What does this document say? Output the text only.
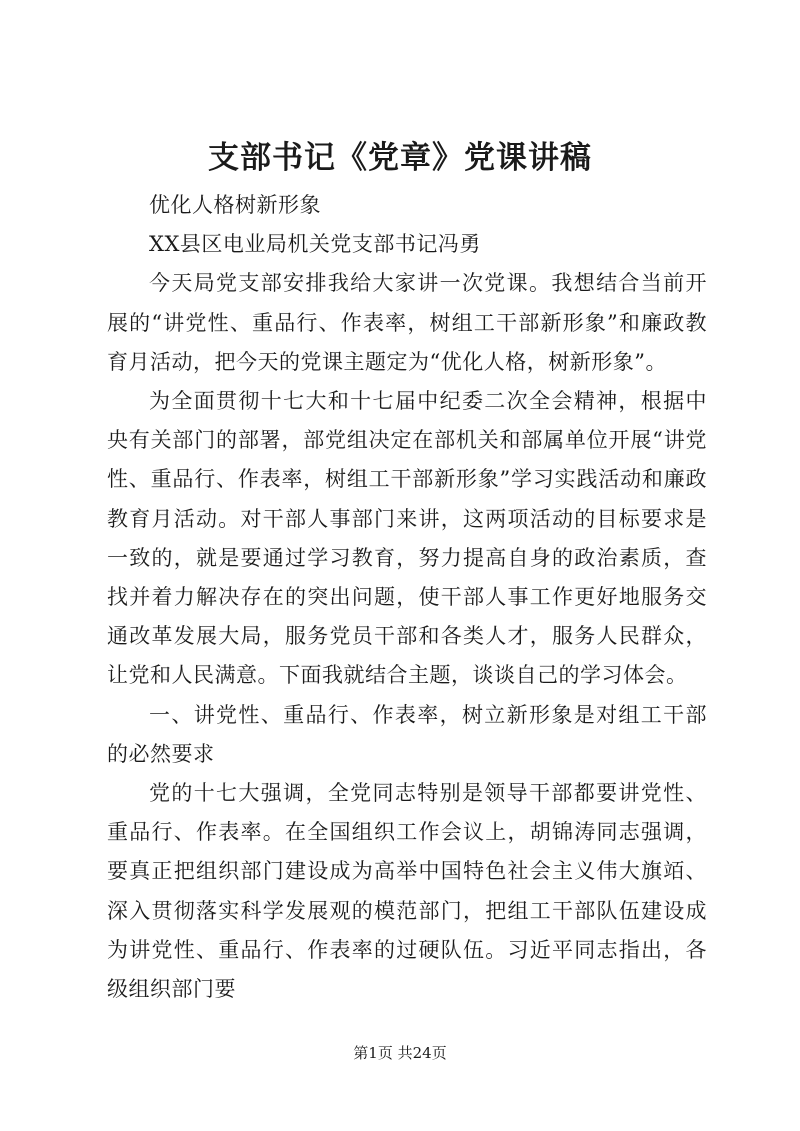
支部书记《党章》党课讲稿

优化人格树新形象

XX县区电业局机关党支部书记冯勇

今天局党支部安排我给大家讲一次党课。我想结合当前开展的“讲党性、重品行、作表率，树组工干部新形象”和廉政教育月活动，把今天的党课主题定为“优化人格，树新形象”。

为全面贯彻十七大和十七届中纪委二次全会精神，根据中央有关部门的部署，部党组决定在部机关和部属单位开展“讲党性、重品行、作表率，树组工干部新形象”学习实践活动和廉政教育月活动。对干部人事部门来讲，这两项活动的目标要求是一致的，就是要通过学习教育，努力提高自身的政治素质，查找并着力解决存在的突出问题，使干部人事工作更好地服务交通改革发展大局，服务党员干部和各类人才，服务人民群众，让党和人民满意。下面我就结合主题，谈谈自己的学习体会。

一、讲党性、重品行、作表率，树立新形象是对组工干部的必然要求

党的十七大强调，全党同志特别是领导干部都要讲党性、重品行、作表率。在全国组织工作会议上，胡锦涛同志强调，要真正把组织部门建设成为高举中国特色社会主义伟大旗竡、深入贯彻落实科学发展观的模范部门，把组工干部队伍建设成为讲党性、重品行、作表率的过硬队伍。习近平同志指出，各级组织部门要

第1页 共24页
